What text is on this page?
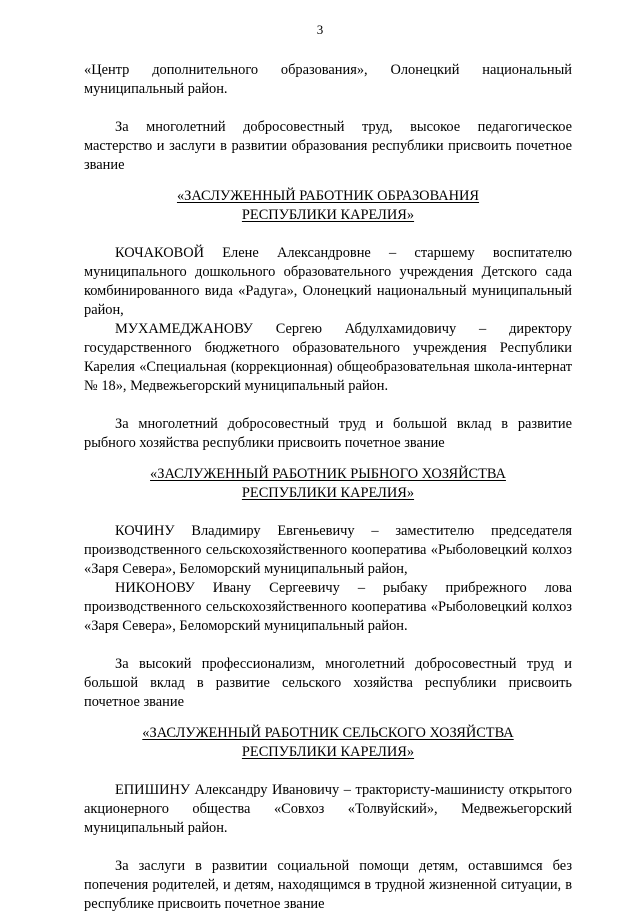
3

«Центр дополнительного образования», Олонецкий национальный муниципальный район.

За многолетний добросовестный труд, высокое педагогическое мастерство и заслуги в развитии образования республики присвоить почетное звание

«ЗАСЛУЖЕННЫЙ РАБОТНИК ОБРАЗОВАНИЯ
РЕСПУБЛИКИ КАРЕЛИЯ»

КОЧАКОВОЙ Елене Александровне – старшему воспитателю муниципального дошкольного образовательного учреждения Детского сада комбинированного вида «Радуга», Олонецкий национальный муниципальный район,

МУХАМЕДЖАНОВУ Сергею Абдулхамидовичу – директору государственного бюджетного образовательного учреждения Республики Карелия «Специальная (коррекционная) общеобразовательная школа-интернат № 18», Медвежьегорский муниципальный район.

За многолетний добросовестный труд и большой вклад в развитие рыбного хозяйства республики присвоить почетное звание

«ЗАСЛУЖЕННЫЙ РАБОТНИК РЫБНОГО ХОЗЯЙСТВА
РЕСПУБЛИКИ КАРЕЛИЯ»

КОЧИНУ Владимиру Евгеньевичу – заместителю председателя производственного сельскохозяйственного кооператива «Рыболовецкий колхоз «Заря Севера», Беломорский муниципальный район,

НИКОНОВУ Ивану Сергеевичу – рыбаку прибрежного лова производственного сельскохозяйственного кооператива «Рыболовецкий колхоз «Заря Севера», Беломорский муниципальный район.

За высокий профессионализм, многолетний добросовестный труд и большой вклад в развитие сельского хозяйства республики присвоить почетное звание

«ЗАСЛУЖЕННЫЙ РАБОТНИК СЕЛЬСКОГО ХОЗЯЙСТВА
РЕСПУБЛИКИ КАРЕЛИЯ»

ЕПИШИНУ Александру Ивановичу – трактористу-машинисту открытого акционерного общества «Совхоз «Толвуйский», Медвежьегорский муниципальный район.

За заслуги в развитии социальной помощи детям, оставшимся без попечения родителей, и детям, находящимся в трудной жизненной ситуации, в республике присвоить почетное звание
